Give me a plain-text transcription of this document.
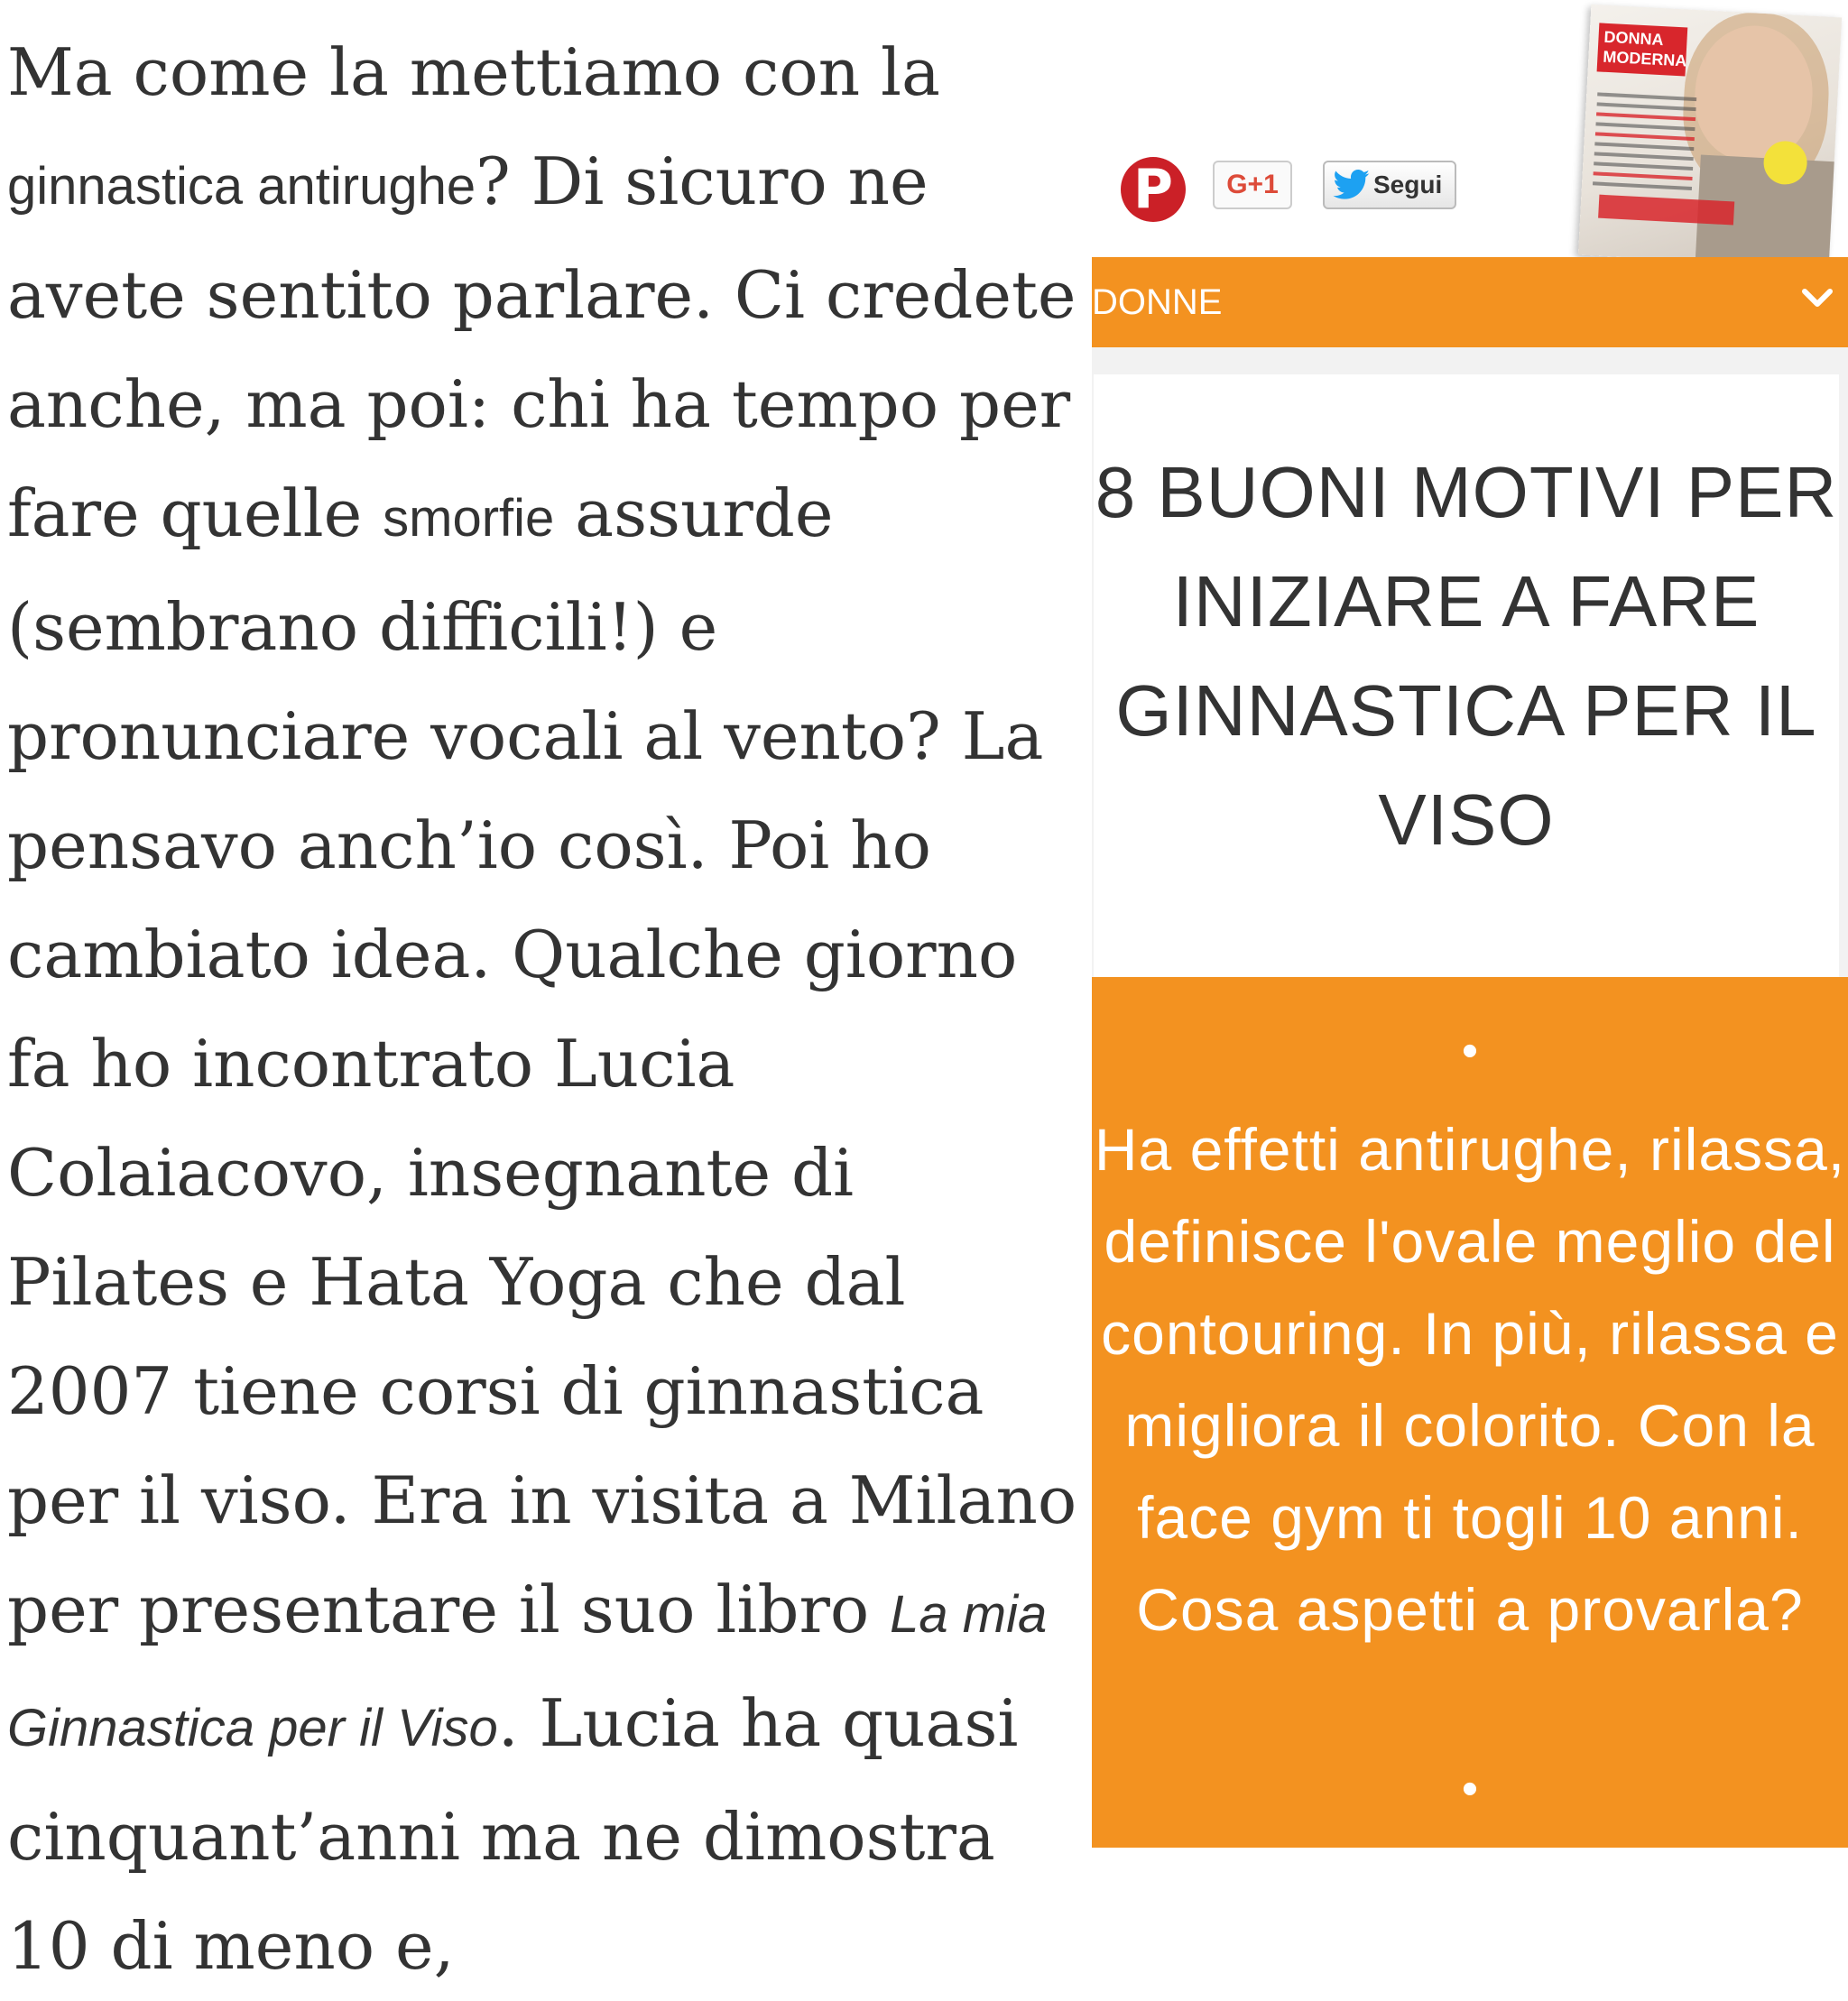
Ma come la mettiamo con la ginnastica antirughe? Di sicuro ne avete sentito parlare. Ci credete anche, ma poi: chi ha tempo per fare quelle smorfie assurde (sembrano difficili!) e pronunciare vocali al vento? La pensavo anch’io così. Poi ho cambiato idea. Qualche giorno fa ho incontrato Lucia Colaiacovo, insegnante di Pilates e Hata Yoga che dal 2007 tiene corsi di ginnastica per il viso. Era in visita a Milano per presentare il suo libro La mia Ginnastica per il Viso. Lucia ha quasi cinquant’anni ma ne dimostra 10 di meno e,

P	G+1	Segui
DONNA
MODERNA
DONNE
8 BUONI MOTIVI PER INIZIARE A FARE GINNASTICA PER IL VISO
•

Ha effetti antirughe, rilassa, definisce l'ovale meglio del contouring. In più, rilassa e migliora il colorito. Con la face gym ti togli 10 anni. Cosa aspetti a provarla?

•
